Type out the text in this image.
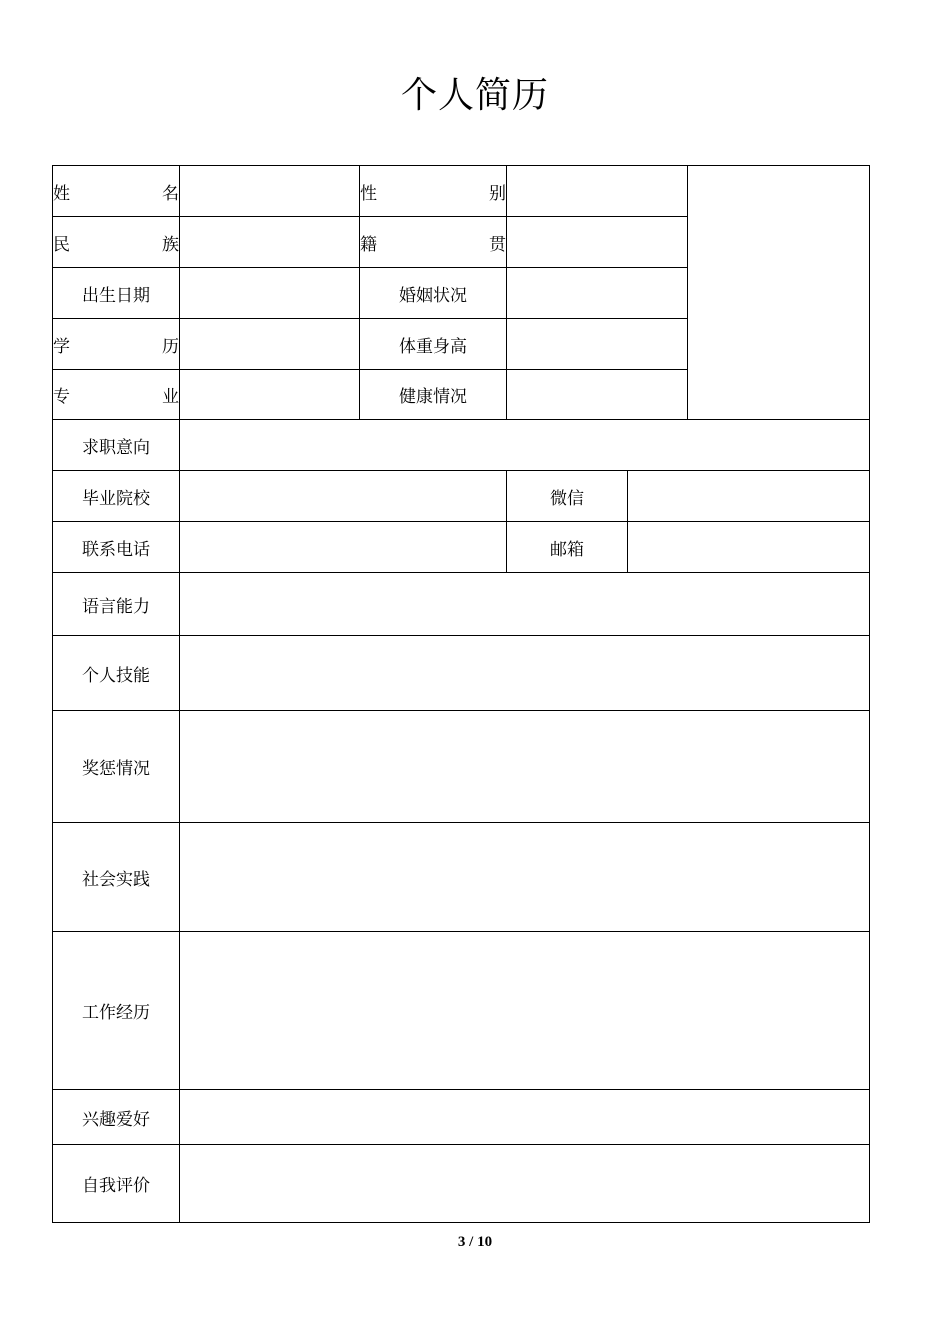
个人简历
姓 名		性 别			
民 族		籍 贯			
出生日期		婚姻状况			
学 历		体重身高			
专 业		健康情况			
求职意向					
毕业院校			微信		
联系电话			邮箱		
语言能力					
个人技能					
奖惩情况					
社会实践					
工作经历					
兴趣爱好					
自我评价					
3 / 10
